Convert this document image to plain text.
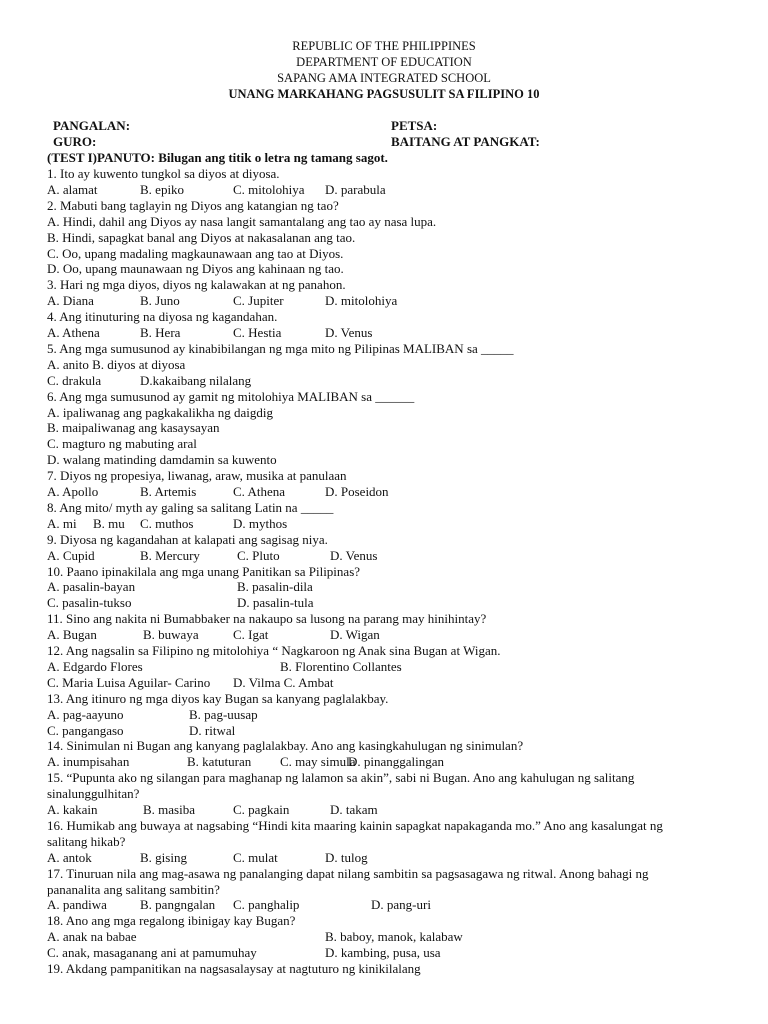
REPUBLIC OF THE PHILIPPINES
DEPARTMENT OF EDUCATION
SAPANG AMA INTEGRATED SCHOOL
UNANG MARKAHANG PAGSUSULIT SA FILIPINO 10
PANGALAN:	PETSA:
GURO:	BAITANG AT PANGKAT:
(TEST I)PANUTO: Bilugan ang titik o letra ng tamang sagot.
1. Ito ay kuwento tungkol sa diyos at diyosa.
A. alamat	B. epiko	C. mitolohiya D. parabula
2. Mabuti bang taglayin ng Diyos ang katangian ng tao?
A. Hindi, dahil ang Diyos ay nasa langit samantalang ang tao ay nasa lupa.
B. Hindi, sapagkat banal ang Diyos at nakasalanan ang tao.
C. Oo, upang madaling magkaunawaan ang tao at Diyos.
D. Oo, upang maunawaan ng Diyos ang kahinaan ng tao.
3. Hari ng mga diyos, diyos ng kalawakan at ng panahon.
A. Diana	B. Juno	C. Jupiter	D. mitolohiya
4. Ang itinuturing na diyosa ng kagandahan.
A. Athena	B. Hera	C. Hestia	D. Venus
5. Ang mga sumusunod ay kinabibilangan ng mga mito ng Pilipinas MALIBAN sa _____
A. anito B. diyos at diyosa
C. drakula	D.kakaibang nilalang
6. Ang mga sumusunod ay gamit ng mitolohiya MALIBAN sa ______
A. ipaliwanag ang pagkakalikha ng daigdig
B. maipaliwanag ang kasaysayan
C. magturo ng mabuting aral
D. walang matinding damdamin sa kuwento
7. Diyos ng propesiya, liwanag, araw, musika at panulaan
A. Apollo	B. Artemis	C. Athena	D. Poseidon
8. Ang mito/ myth ay galing sa salitang Latin na _____
A. mi B. mu C. muthos	D. mythos
9. Diyosa ng kagandahan at kalapati ang sagisag niya.
A. Cupid	B. Mercury	C. Pluto	D. Venus
10. Paano ipinakilala ang mga unang Panitikan sa Pilipinas?
A. pasalin-bayan	B. pasalin-dila
C. pasalin-tukso	D. pasalin-tula
11. Sino ang nakita ni Bumabbaker na nakaupo sa lusong na parang may hinihintay?
A. Bugan	B. buwaya	C. Igat	D. Wigan
12. Ang nagsalin sa Filipino ng mitolohiya “ Nagkaroon ng Anak sina Bugan at Wigan.
A. Edgardo Flores	B. Florentino Collantes
C. Maria Luisa Aguilar- Carino D. Vilma C. Ambat
13. Ang itinuro ng mga diyos kay Bugan sa kanyang paglalakbay.
A. pag-aayuno	B. pag-uusap
C. pangangaso	D. ritwal
14. Sinimulan ni Bugan ang kanyang paglalakbay. Ano ang kasingkahulugan ng sinimulan?
A. inumpisahan	B. katuturan C. may simula
D. pinanggalingan
15. “Pupunta ako ng silangan para maghanap ng lalamon sa akin”, sabi ni Bugan. Ano ang kahulugan ng salitang
sinalunggulhitan?
A. kakain	B. masiba	C. pagkain	D. takam
16. Humikab ang buwaya at nagsabing “Hindi kita maaring kainin sapagkat napakaganda mo.” Ano ang kasalungat ng
salitang hikab?
A. antok	B. gising	C. mulat	D. tulog
17. Tinuruan nila ang mag-asawa ng panalanging dapat nilang sambitin sa pagsasagawa ng ritwal. Anong bahagi ng
pananalita ang salitang sambitin?
A. pandiwa	B. pangngalan C. panghalip	D. pang-uri
18. Ano ang mga regalong ibinigay kay Bugan?
A. anak na babae	B. baboy, manok, kalabaw
C. anak, masaganang ani at pamumuhay	D. kambing, pusa, usa
19. Akdang pampanitikan na nagsasalaysay at nagtuturo ng kinikilalang
